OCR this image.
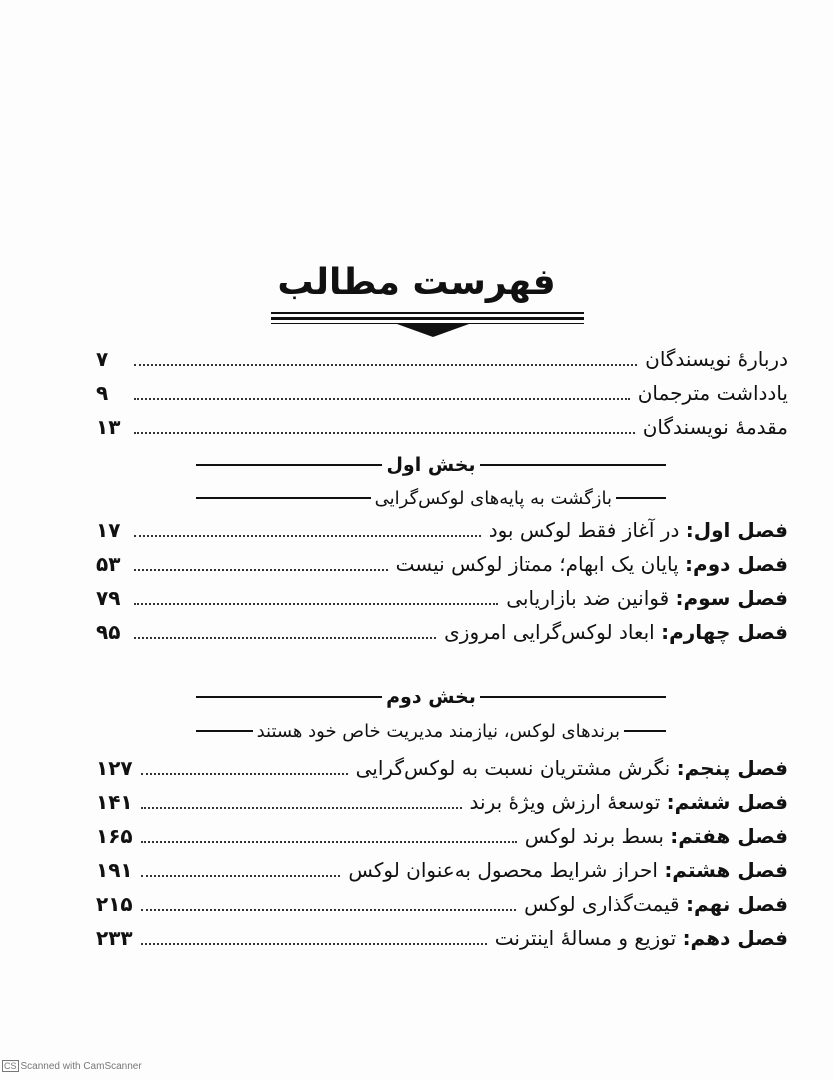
فهرست مطالب
دربارهٔ نویسندگان
۷
یادداشت مترجمان
۹
مقدمهٔ نویسندگان
۱۳
بخش اول
بازگشت به پایه‌های لوکس‌گرایی
فصل اول: در آغاز فقط لوکس بود
۱۷
فصل دوم: پایان یک ابهام؛ ممتاز لوکس نیست
۵۳
فصل سوم: قوانین ضد بازاریابی
۷۹
فصل چهارم: ابعاد لوکس‌گرایی امروزی
۹۵
بخش دوم
برندهای لوکس، نیازمند مدیریت خاص خود هستند
فصل پنجم: نگرش مشتریان نسبت به لوکس‌گرایی
۱۲۷
فصل ششم: توسعهٔ ارزش ویژهٔ برند
۱۴۱
فصل هفتم: بسط برند لوکس
۱۶۵
فصل هشتم: احراز شرایط محصول به‌عنوان لوکس
۱۹۱
فصل نهم: قیمت‌گذاری لوکس
۲۱۵
فصل دهم: توزیع و مسالهٔ اینترنت
۲۳۳
CS Scanned with CamScanner
